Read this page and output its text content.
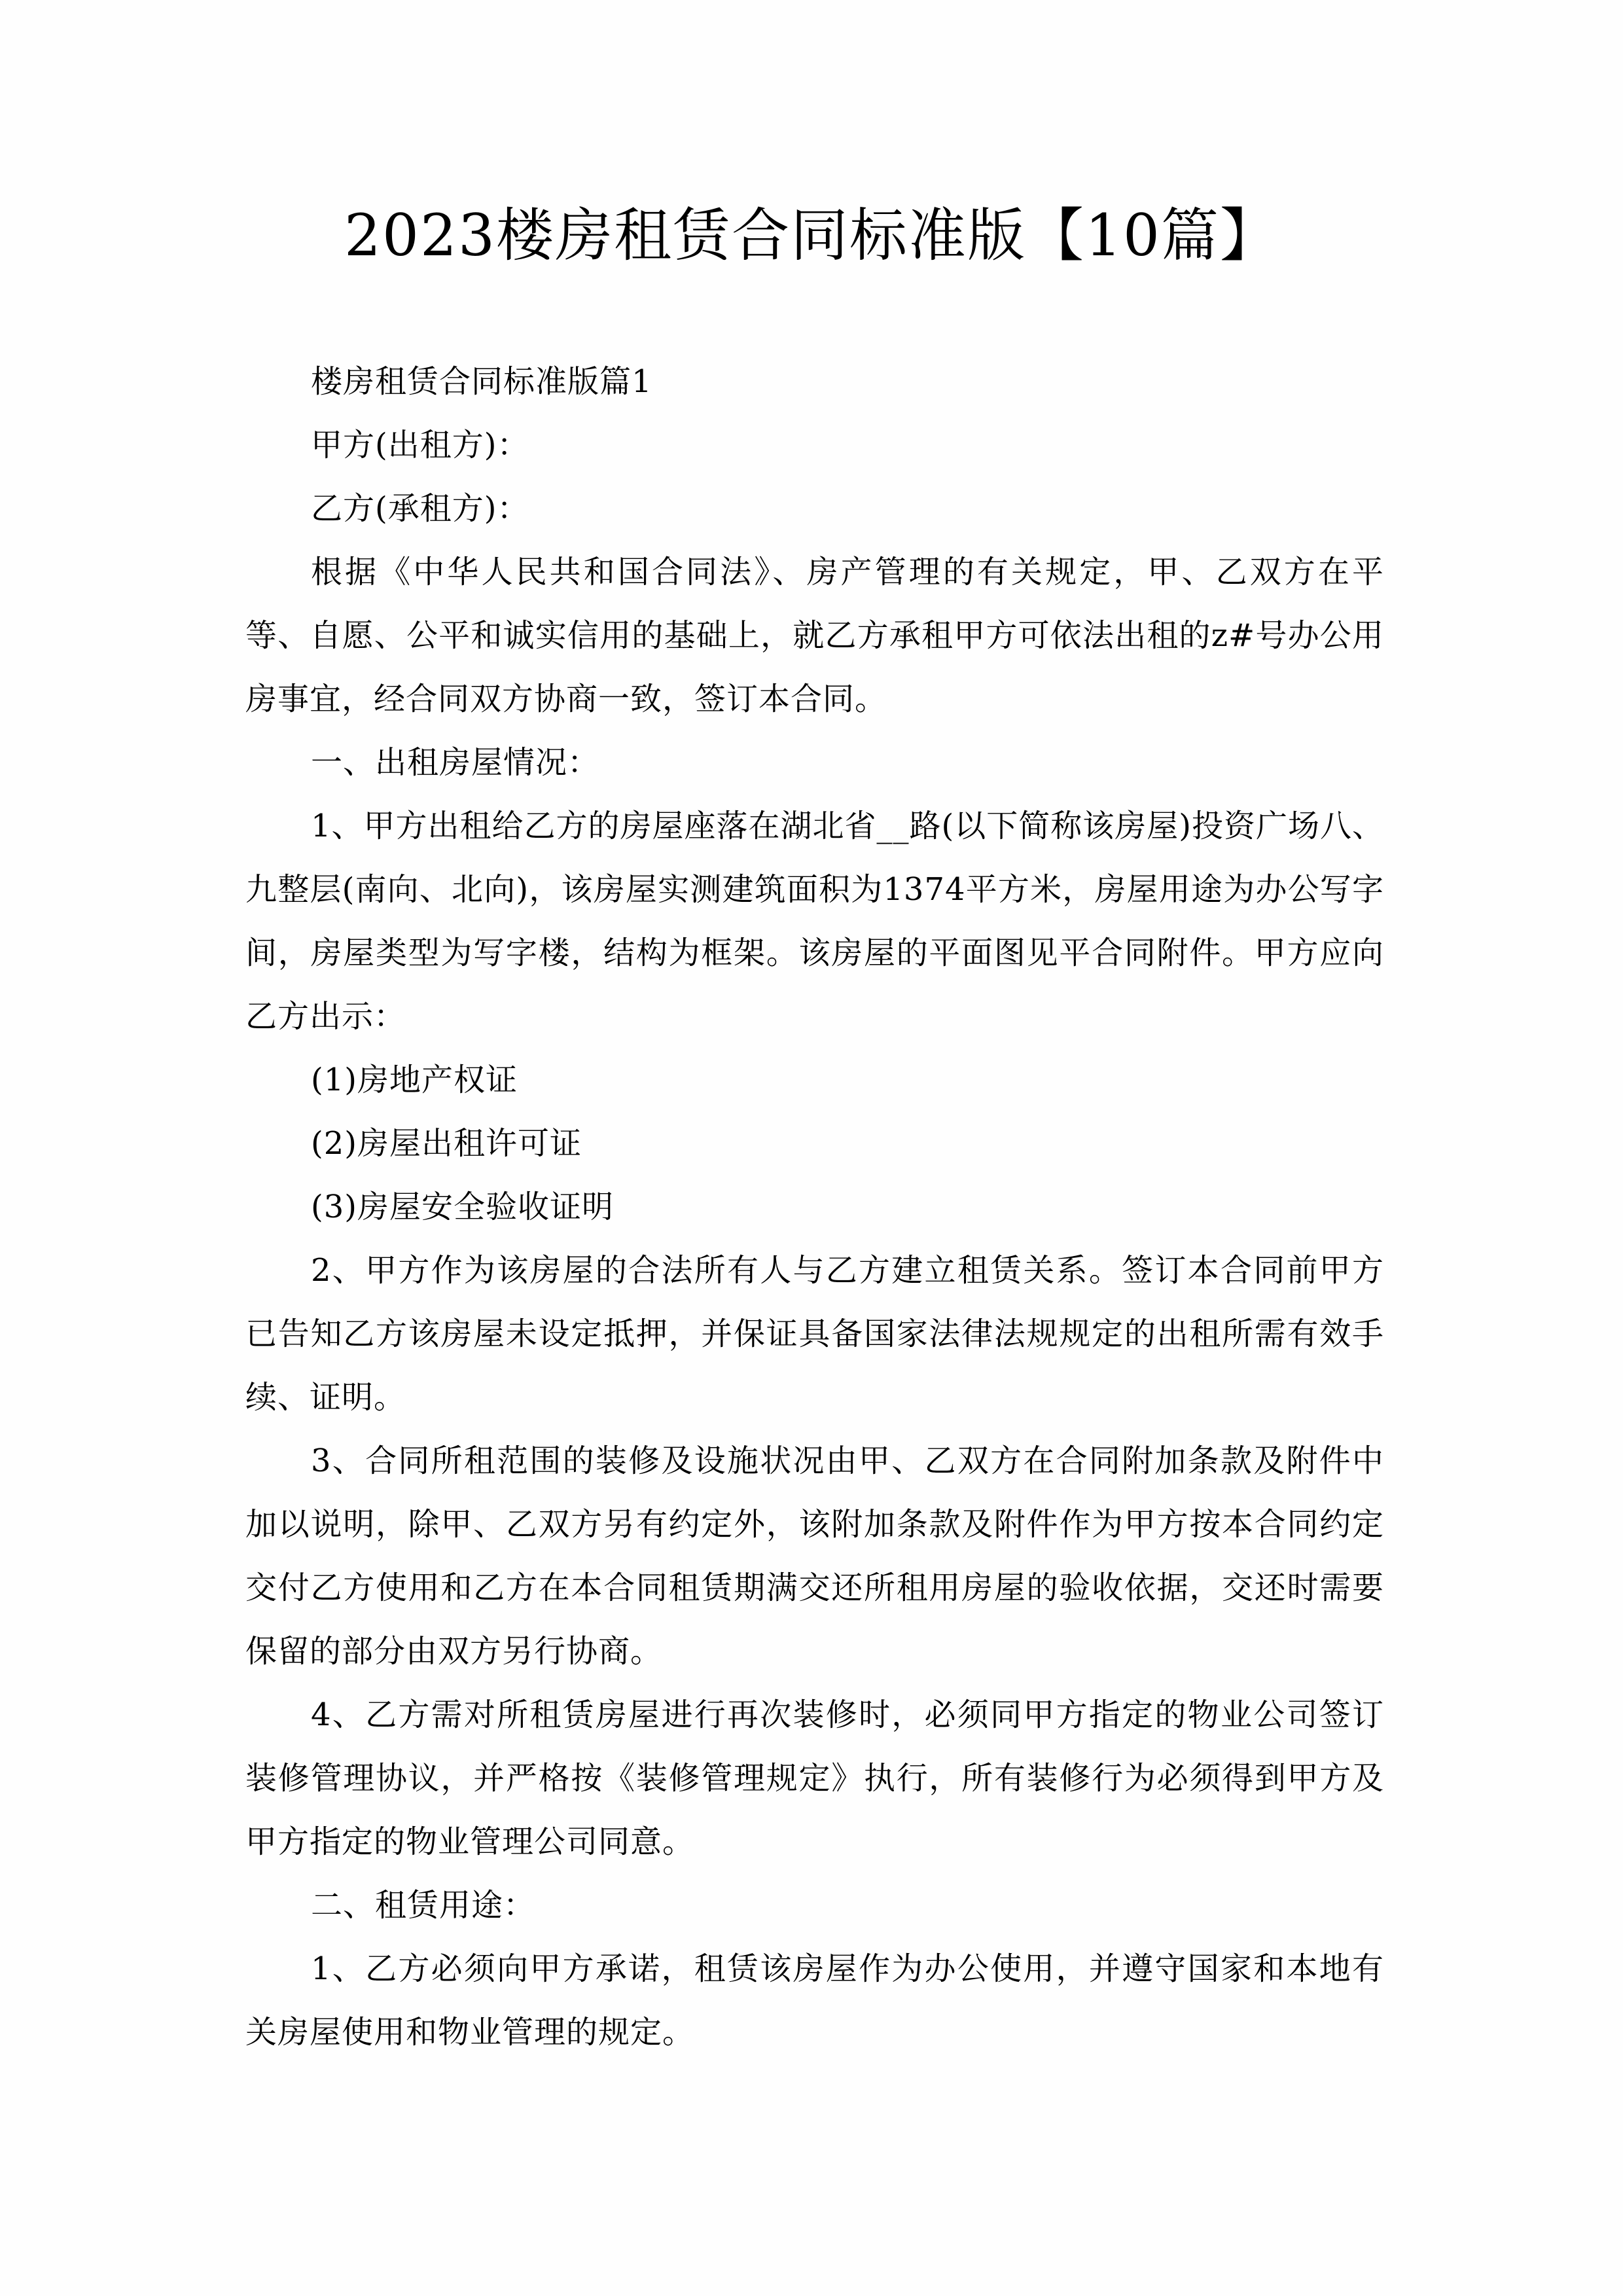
2023楼房租赁合同标准版【10篇】

楼房租赁合同标准版篇1

甲方(出租方)：

乙方(承租方)：

根据《中华人民共和国合同法》、房产管理的有关规定，甲、乙双方在平等、自愿、公平和诚实信用的基础上，就乙方承租甲方可依法出租的z#号办公用房事宜，经合同双方协商一致，签订本合同。

一、出租房屋情况：

1、甲方出租给乙方的房屋座落在湖北省__路(以下简称该房屋)投资广场八、九整层(南向、北向)，该房屋实测建筑面积为1374平方米，房屋用途为办公写字间，房屋类型为写字楼，结构为框架。该房屋的平面图见平合同附件。甲方应向乙方出示：

(1)房地产权证

(2)房屋出租许可证

(3)房屋安全验收证明

2、甲方作为该房屋的合法所有人与乙方建立租赁关系。签订本合同前甲方已告知乙方该房屋未设定抵押，并保证具备国家法律法规规定的出租所需有效手续、证明。

3、合同所租范围的装修及设施状况由甲、乙双方在合同附加条款及附件中加以说明，除甲、乙双方另有约定外，该附加条款及附件作为甲方按本合同约定交付乙方使用和乙方在本合同租赁期满交还所租用房屋的验收依据，交还时需要保留的部分由双方另行协商。

4、乙方需对所租赁房屋进行再次装修时，必须同甲方指定的物业公司签订装修管理协议，并严格按《装修管理规定》执行，所有装修行为必须得到甲方及甲方指定的物业管理公司同意。

二、租赁用途：

1、乙方必须向甲方承诺，租赁该房屋作为办公使用，并遵守国家和本地有关房屋使用和物业管理的规定。
